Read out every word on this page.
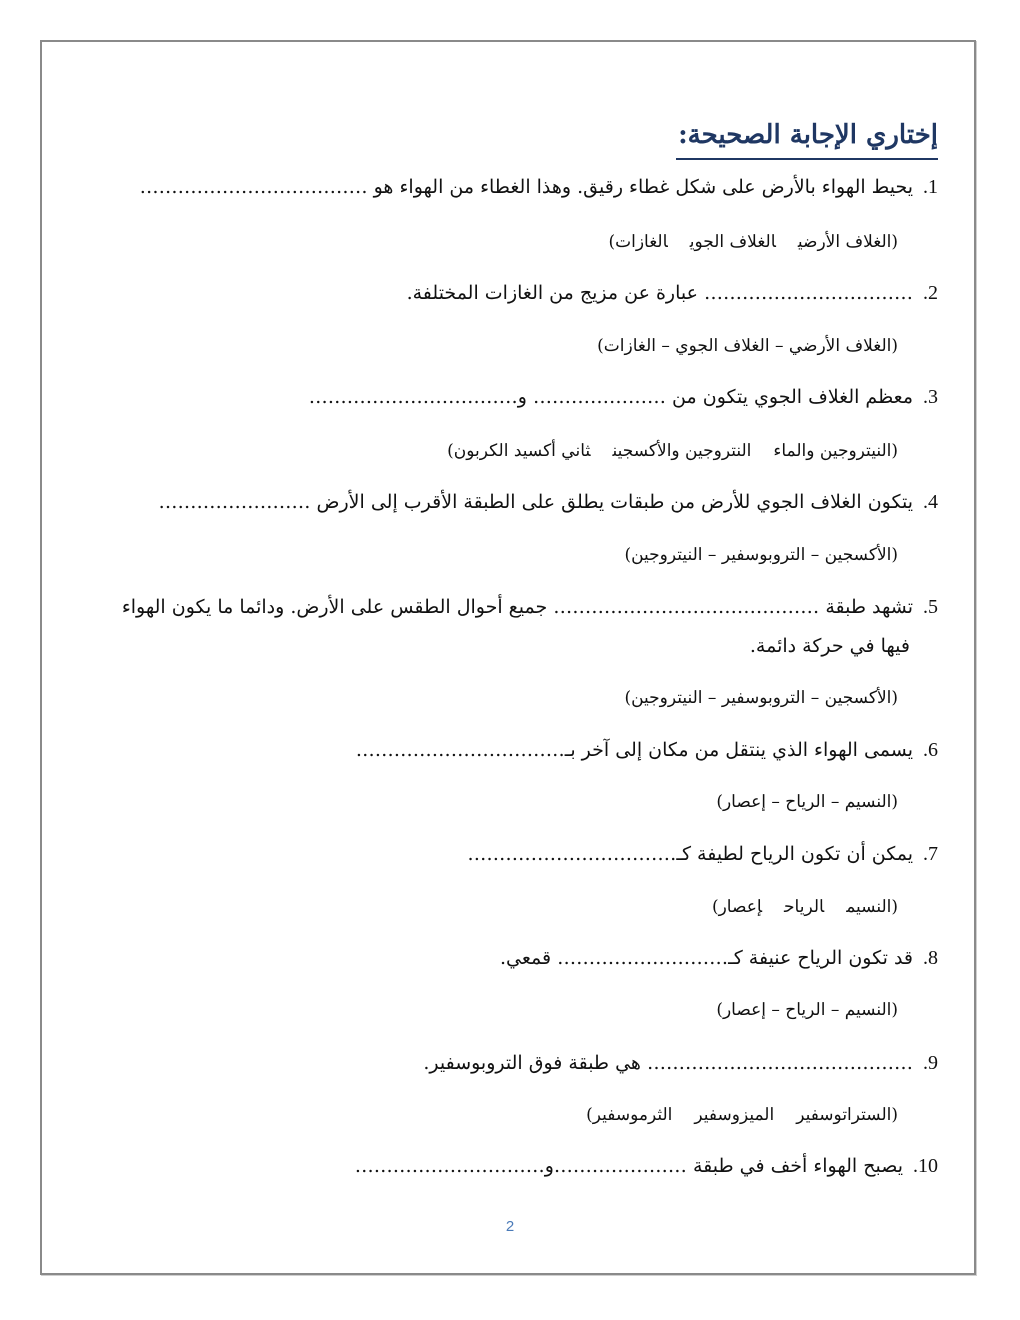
إختاري الإجابة الصحيحة:
1.يحيط الهواء بالأرض على شكل غطاء رقيق. وهذا الغطاء من الهواء هو ………………………………
(الغلاف الأرضيالغلاف الجويالغازات)
2.…………………………… عبارة عن مزيج من الغازات المختلفة.
(الغلاف الأرضي – الغلاف الجوي – الغازات)
3.معظم الغلاف الجوي يتكون من ………………… و……………………………
(النيتروجين والماءالنتروجين والأكسجينثاني أكسيد الكربون)
4.يتكون الغلاف الجوي للأرض من طبقات يطلق على الطبقة الأقرب إلى الأرض ……………………
(الأكسجين – التروبوسفير – النيتروجين)
5.تشهد طبقة …………………………………… جميع أحوال الطقس على الأرض. ودائما ما يكون الهواء
فيها في حركة دائمة.
(الأكسجين – التروبوسفير – النيتروجين)
6.يسمى الهواء الذي ينتقل من مكان إلى آخر بـ……………………………
(النسيم – الرياح – إعصار)
7.يمكن أن تكون الرياح لطيفة كـ……………………………
(النسيمالرياحإعصار)
8.قد تكون الرياح عنيفة كـ……………………… قمعي.
(النسيم – الرياح – إعصار)
9.…………………………………… هي طبقة فوق التروبوسفير.
(الستراتوسفيرالميزوسفيرالثرموسفير)
10.يصبح الهواء أخف في طبقة …………………و…………………………
2
